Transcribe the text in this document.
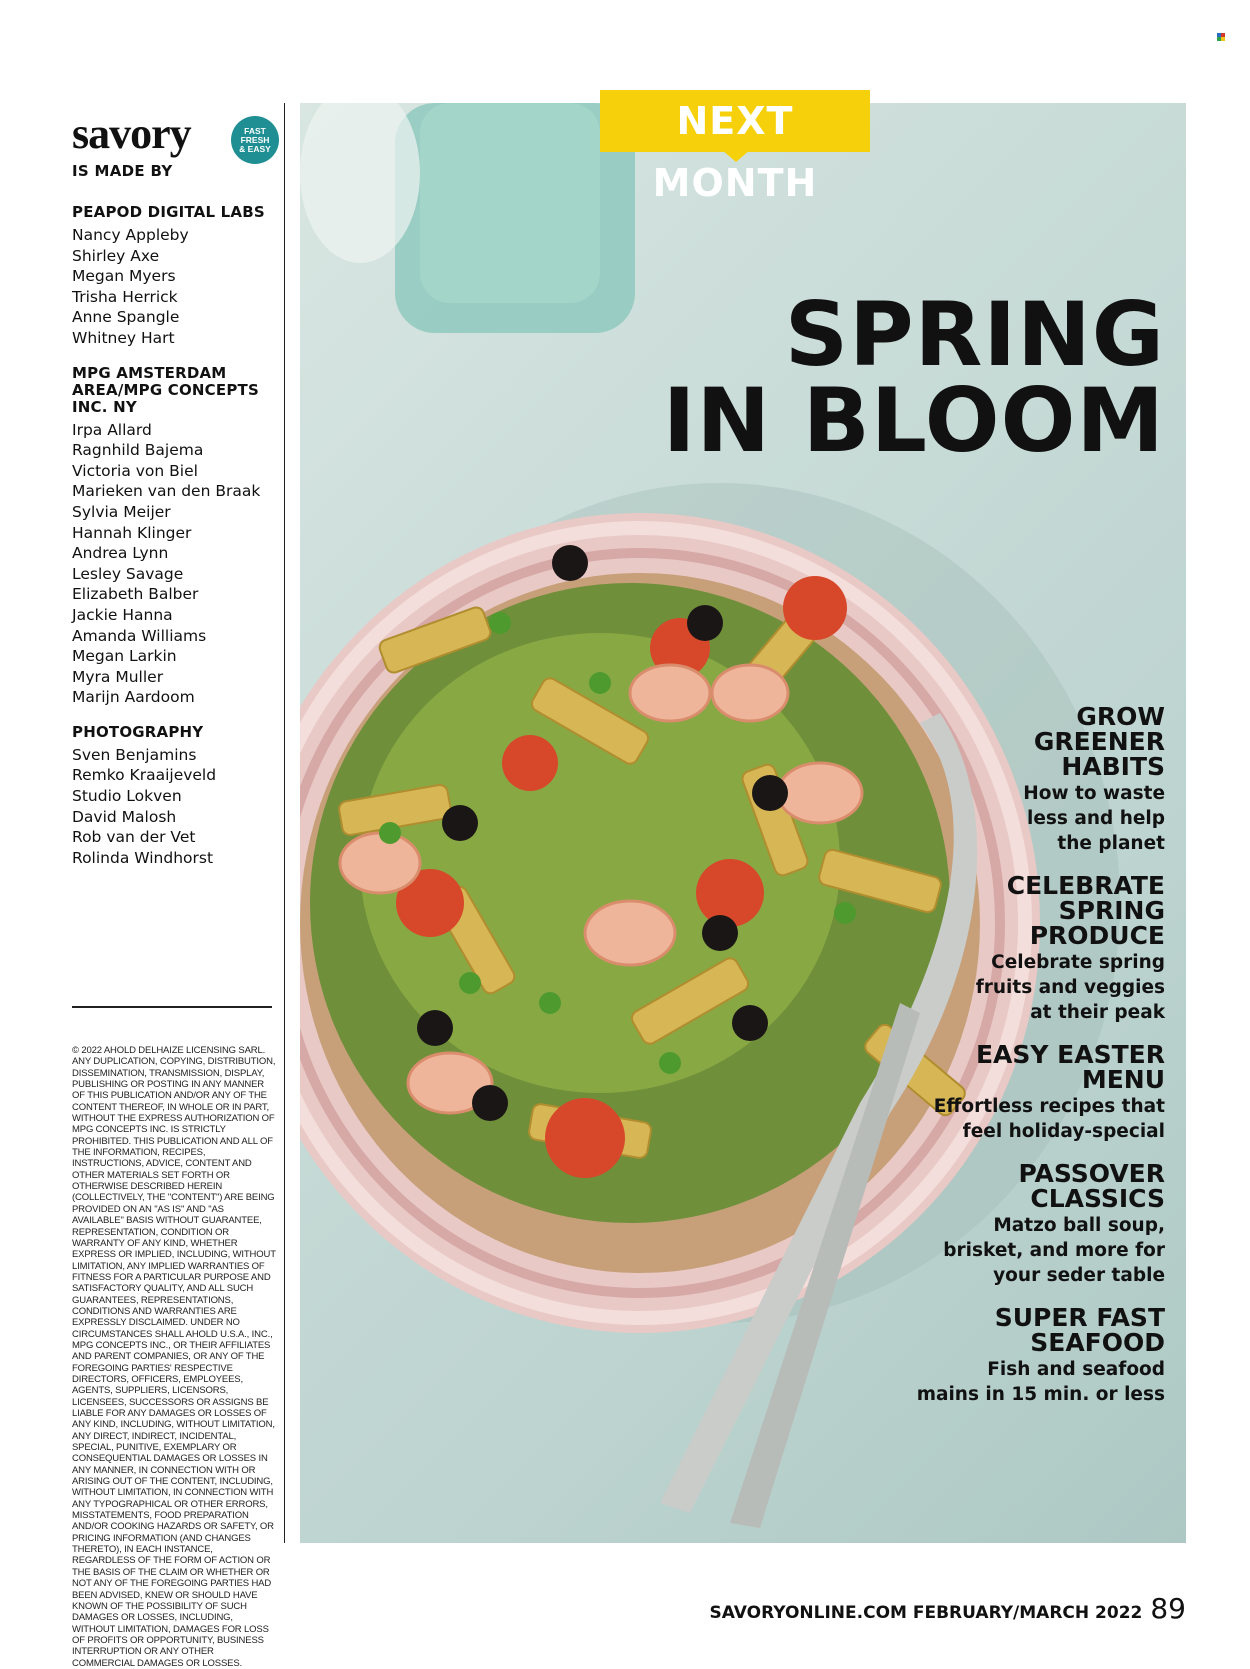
savory	FAST
FRESH
& EASY
IS MADE BY
PEAPOD DIGITAL LABS
Nancy Appleby
Shirley Axe
Megan Myers
Trisha Herrick
Anne Spangle
Whitney Hart
MPG AMSTERDAM AREA/MPG CONCEPTS INC. NY
Irpa Allard
Ragnhild Bajema
Victoria von Biel
Marieken van den Braak
Sylvia Meijer
Hannah Klinger
Andrea Lynn
Lesley Savage
Elizabeth Balber
Jackie Hanna
Amanda Williams
Megan Larkin
Myra Muller
Marijn Aardoom
PHOTOGRAPHY
Sven Benjamins
Remko Kraaijeveld
Studio Lokven
David Malosh
Rob van der Vet
Rolinda Windhorst
© 2022 AHOLD DELHAIZE LICENSING SARL. ANY DUPLICATION, COPYING, DISTRIBUTION, DISSEMINATION, TRANSMISSION, DISPLAY, PUBLISHING OR POSTING IN ANY MANNER OF THIS PUBLICATION AND/OR ANY OF THE CONTENT THEREOF, IN WHOLE OR IN PART, WITHOUT THE EXPRESS AUTHORIZATION OF MPG CONCEPTS INC. IS STRICTLY PROHIBITED. THIS PUBLICATION AND ALL OF THE INFORMATION, RECIPES, INSTRUCTIONS, ADVICE, CONTENT AND OTHER MATERIALS SET FORTH OR OTHERWISE DESCRIBED HEREIN (COLLECTIVELY, THE "CONTENT") ARE BEING PROVIDED ON AN "AS IS" AND "AS AVAILABLE" BASIS WITHOUT GUARANTEE, REPRESENTATION, CONDITION OR WARRANTY OF ANY KIND, WHETHER EXPRESS OR IMPLIED, INCLUDING, WITHOUT LIMITATION, ANY IMPLIED WARRANTIES OF FITNESS FOR A PARTICULAR PURPOSE AND SATISFACTORY QUALITY, AND ALL SUCH GUARANTEES, REPRESENTATIONS, CONDITIONS AND WARRANTIES ARE EXPRESSLY DISCLAIMED. UNDER NO CIRCUMSTANCES SHALL AHOLD U.S.A., INC., MPG CONCEPTS INC., OR THEIR AFFILIATES AND PARENT COMPANIES, OR ANY OF THE FOREGOING PARTIES' RESPECTIVE DIRECTORS, OFFICERS, EMPLOYEES, AGENTS, SUPPLIERS, LICENSORS, LICENSEES, SUCCESSORS OR ASSIGNS BE LIABLE FOR ANY DAMAGES OR LOSSES OF ANY KIND, INCLUDING, WITHOUT LIMITATION, ANY DIRECT, INDIRECT, INCIDENTAL, SPECIAL, PUNITIVE, EXEMPLARY OR CONSEQUENTIAL DAMAGES OR LOSSES IN ANY MANNER, IN CONNECTION WITH OR ARISING OUT OF THE CONTENT, INCLUDING, WITHOUT LIMITATION, IN CONNECTION WITH ANY TYPOGRAPHICAL OR OTHER ERRORS, MISSTATEMENTS, FOOD PREPARATION AND/OR COOKING HAZARDS OR SAFETY, OR PRICING INFORMATION (AND CHANGES THERETO), IN EACH INSTANCE, REGARDLESS OF THE FORM OF ACTION OR THE BASIS OF THE CLAIM OR WHETHER OR NOT ANY OF THE FOREGOING PARTIES HAD BEEN ADVISED, KNEW OR SHOULD HAVE KNOWN OF THE POSSIBILITY OF SUCH DAMAGES OR LOSSES, INCLUDING, WITHOUT LIMITATION, DAMAGES FOR LOSS OF PROFITS OR OPPORTUNITY, BUSINESS INTERRUPTION OR ANY OTHER COMMERCIAL DAMAGES OR LOSSES.
NEXT MONTH
SPRING IN BLOOM
GROW
GREENER
HABITS
How to waste
less and help
the planet
CELEBRATE
SPRING
PRODUCE
Celebrate spring
fruits and veggies
at their peak
EASY EASTER
MENU
Effortless recipes that
feel holiday-special
PASSOVER
CLASSICS
Matzo ball soup,
brisket, and more for
your seder table
SUPER FAST
SEAFOOD
Fish and seafood
mains in 15 min. or less
SAVORYONLINE.COM
FEBRUARY/MARCH 2022 89
